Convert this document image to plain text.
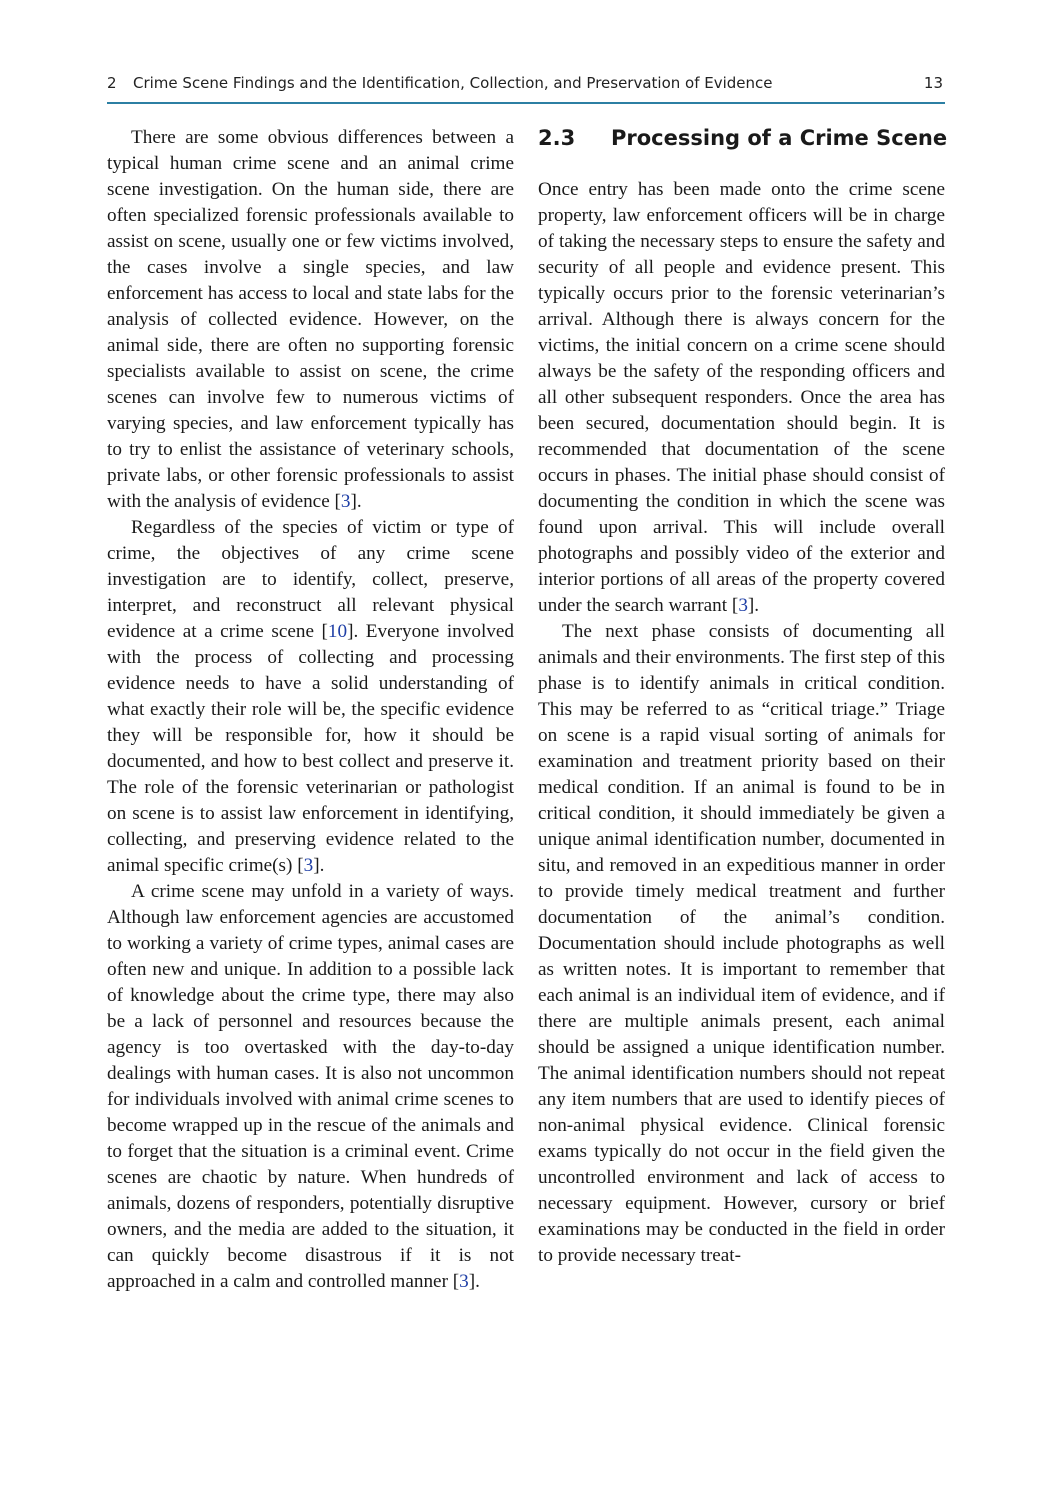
2 Crime Scene Findings and the Identification, Collection, and Preservation of Evidence	13

There are some obvious differences between a typical human crime scene and an animal crime scene investigation. On the human side, there are often specialized forensic professionals available to assist on scene, usually one or few victims involved, the cases involve a single species, and law enforcement has access to local and state labs for the analysis of collected evidence. However, on the animal side, there are often no supporting forensic specialists available to assist on scene, the crime scenes can involve few to numerous victims of varying species, and law enforcement typically has to try to enlist the assistance of veterinary schools, private labs, or other forensic professionals to assist with the analysis of evidence [3].

Regardless of the species of victim or type of crime, the objectives of any crime scene investigation are to identify, collect, preserve, interpret, and reconstruct all relevant physical evidence at a crime scene [10]. Everyone involved with the process of collecting and processing evidence needs to have a solid understanding of what exactly their role will be, the specific evidence they will be responsible for, how it should be documented, and how to best collect and preserve it. The role of the forensic veterinarian or pathologist on scene is to assist law enforcement in identifying, collecting, and preserving evidence related to the animal specific crime(s) [3].

A crime scene may unfold in a variety of ways. Although law enforcement agencies are accustomed to working a variety of crime types, animal cases are often new and unique. In addition to a possible lack of knowledge about the crime type, there may also be a lack of personnel and resources because the agency is too overtasked with the day-to-day dealings with human cases. It is also not uncommon for individuals involved with animal crime scenes to become wrapped up in the rescue of the animals and to forget that the situation is a criminal event. Crime scenes are chaotic by nature. When hundreds of animals, dozens of responders, potentially disruptive owners, and the media are added to the situation, it can quickly become disastrous if it is not approached in a calm and controlled manner [3].

2.3 Processing of a Crime Scene

Once entry has been made onto the crime scene property, law enforcement officers will be in charge of taking the necessary steps to ensure the safety and security of all people and evidence present. This typically occurs prior to the forensic veterinarian’s arrival. Although there is always concern for the victims, the initial concern on a crime scene should always be the safety of the responding officers and all other subsequent responders. Once the area has been secured, documentation should begin. It is recommended that documentation of the scene occurs in phases. The initial phase should consist of documenting the condition in which the scene was found upon arrival. This will include overall photographs and possibly video of the exterior and interior portions of all areas of the property covered under the search warrant [3].

The next phase consists of documenting all animals and their environments. The first step of this phase is to identify animals in critical condition. This may be referred to as “critical triage.” Triage on scene is a rapid visual sorting of animals for examination and treatment priority based on their medical condition. If an animal is found to be in critical condition, it should immediately be given a unique animal identification number, documented in situ, and removed in an expeditious manner in order to provide timely medical treatment and further documentation of the animal’s condition. Documentation should include photographs as well as written notes. It is important to remember that each animal is an individual item of evidence, and if there are multiple animals present, each animal should be assigned a unique identification number. The animal identification numbers should not repeat any item numbers that are used to identify pieces of non-animal physical evidence. Clinical forensic exams typically do not occur in the field given the uncontrolled environment and lack of access to necessary equipment. However, cursory or brief examinations may be conducted in the field in order to provide necessary treat-
